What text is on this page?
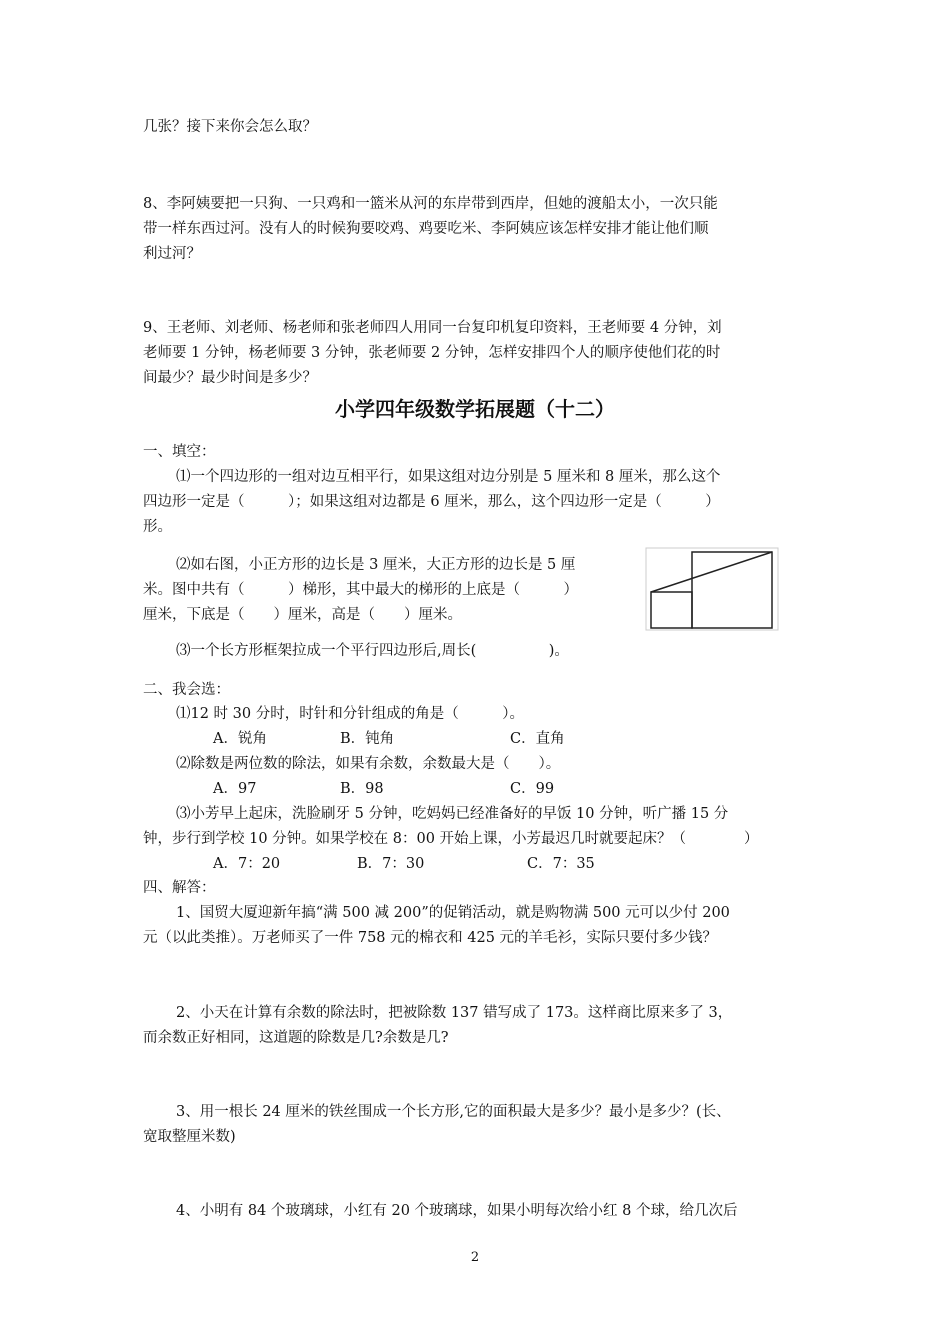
几张？接下来你会怎么取？
8、李阿姨要把一只狗、一只鸡和一篮米从河的东岸带到西岸，但她的渡船太小，一次只能
带一样东西过河。没有人的时候狗要咬鸡、鸡要吃米、李阿姨应该怎样安排才能让他们顺
利过河？
9、王老师、刘老师、杨老师和张老师四人用同一台复印机复印资料，王老师要 4 分钟，刘
老师要 1 分钟，杨老师要 3 分钟，张老师要 2 分钟，怎样安排四个人的顺序使他们花的时
间最少？最少时间是多少？
小学四年级数学拓展题（十二）
一、填空：
⑴一个四边形的一组对边互相平行，如果这组对边分别是 5 厘米和 8 厘米，那么这个
四边形一定是（　　　）；如果这组对边都是 6 厘米，那么，这个四边形一定是（　　　）
形。
⑵如右图，小正方形的边长是 3 厘米，大正方形的边长是 5 厘
米。图中共有（　　　）梯形，其中最大的梯形的上底是（　　　）
厘米，下底是（　　）厘米，高是（　　）厘米。
⑶一个长方形框架拉成一个平行四边形后,周长(　　　　　)。
二、我会选：
⑴12 时 30 分时，时针和分针组成的角是（　　　）。
A．锐角	B．钝角	C．直角
⑵除数是两位数的除法，如果有余数，余数最大是（　　）。
A．97	B．98	C．99
⑶小芳早上起床，洗脸刷牙 5 分钟，吃妈妈已经准备好的早饭 10 分钟，听广播 15 分
钟，步行到学校 10 分钟。如果学校在 8：00 开始上课，小芳最迟几时就要起床？（　　　　）
A．7：20	B．7：30	C．7：35
四、解答：
1、国贸大厦迎新年搞“满 500 减 200”的促销活动，就是购物满 500 元可以少付 200
元（以此类推）。万老师买了一件 758 元的棉衣和 425 元的羊毛衫，实际只要付多少钱？
2、小天在计算有余数的除法时，把被除数 137 错写成了 173。这样商比原来多了 3，
而余数正好相同，这道题的除数是几?余数是几?
3、用一根长 24 厘米的铁丝围成一个长方形,它的面积最大是多少？最小是多少？(长、
宽取整厘米数)
4、小明有 84 个玻璃球，小红有 20 个玻璃球，如果小明每次给小红 8 个球，给几次后
2
